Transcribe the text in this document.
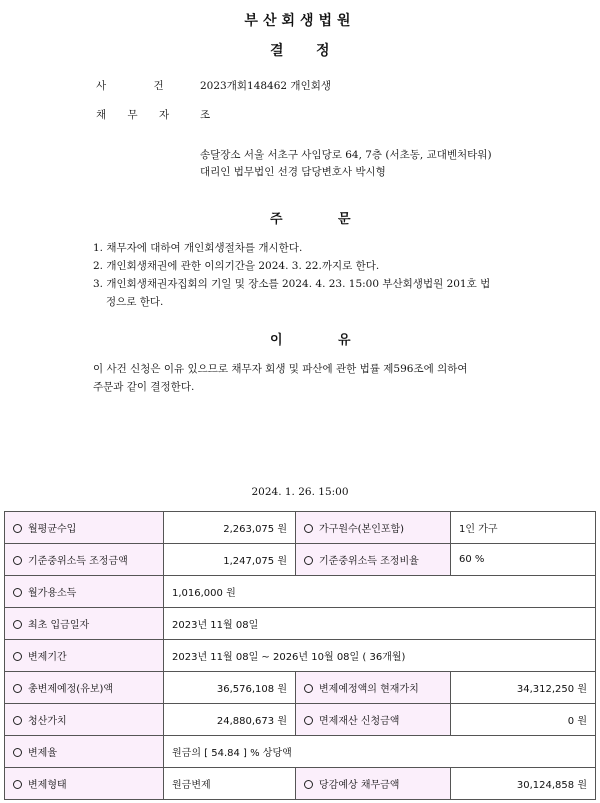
부산회생법원
결 정
사 건 2023개회148462 개인회생
채 무 자 조
송달장소 서울 서초구 사임당로 64, 7층 (서초동, 교대벤처타워)
대리인 법무법인 선경 담당변호사 박시형
주	문
1. 채무자에 대하여 개인회생절차를 개시한다.
2. 개인회생채권에 관한 이의기간을 2024. 3. 22.까지로 한다.
3. 개인회생채권자집회의 기일 및 장소를 2024. 4. 23. 15:00 부산회생법원 201호 법
정으로 한다.
이	유
이 사건 신청은 이유 있으므로 채무자 회생 및 파산에 관한 법률 제596조에 의하여
주문과 같이 결정한다.
2024. 1. 26. 15:00
월평균수입	2,263,075 원	가구원수(본인포함)	1인 가구
기준중위소득 조정금액	1,247,075 원	기준중위소득 조정비율	60 %
월가용소득	1,016,000 원		
최초 입금일자	2023년 11월 08일		
변제기간	2023년 11월 08일 ~ 2026년 10월 08일 ( 36개월)		
총변제예정(유보)액	36,576,108 원	변제예정액의 현재가치	34,312,250 원
청산가치	24,880,673 원	면제재산 신청금액	0 원
변제율	원금의 [ 54.84 ] % 상당액		
변제형태	원금변제	당감예상 채무금액	30,124,858 원
